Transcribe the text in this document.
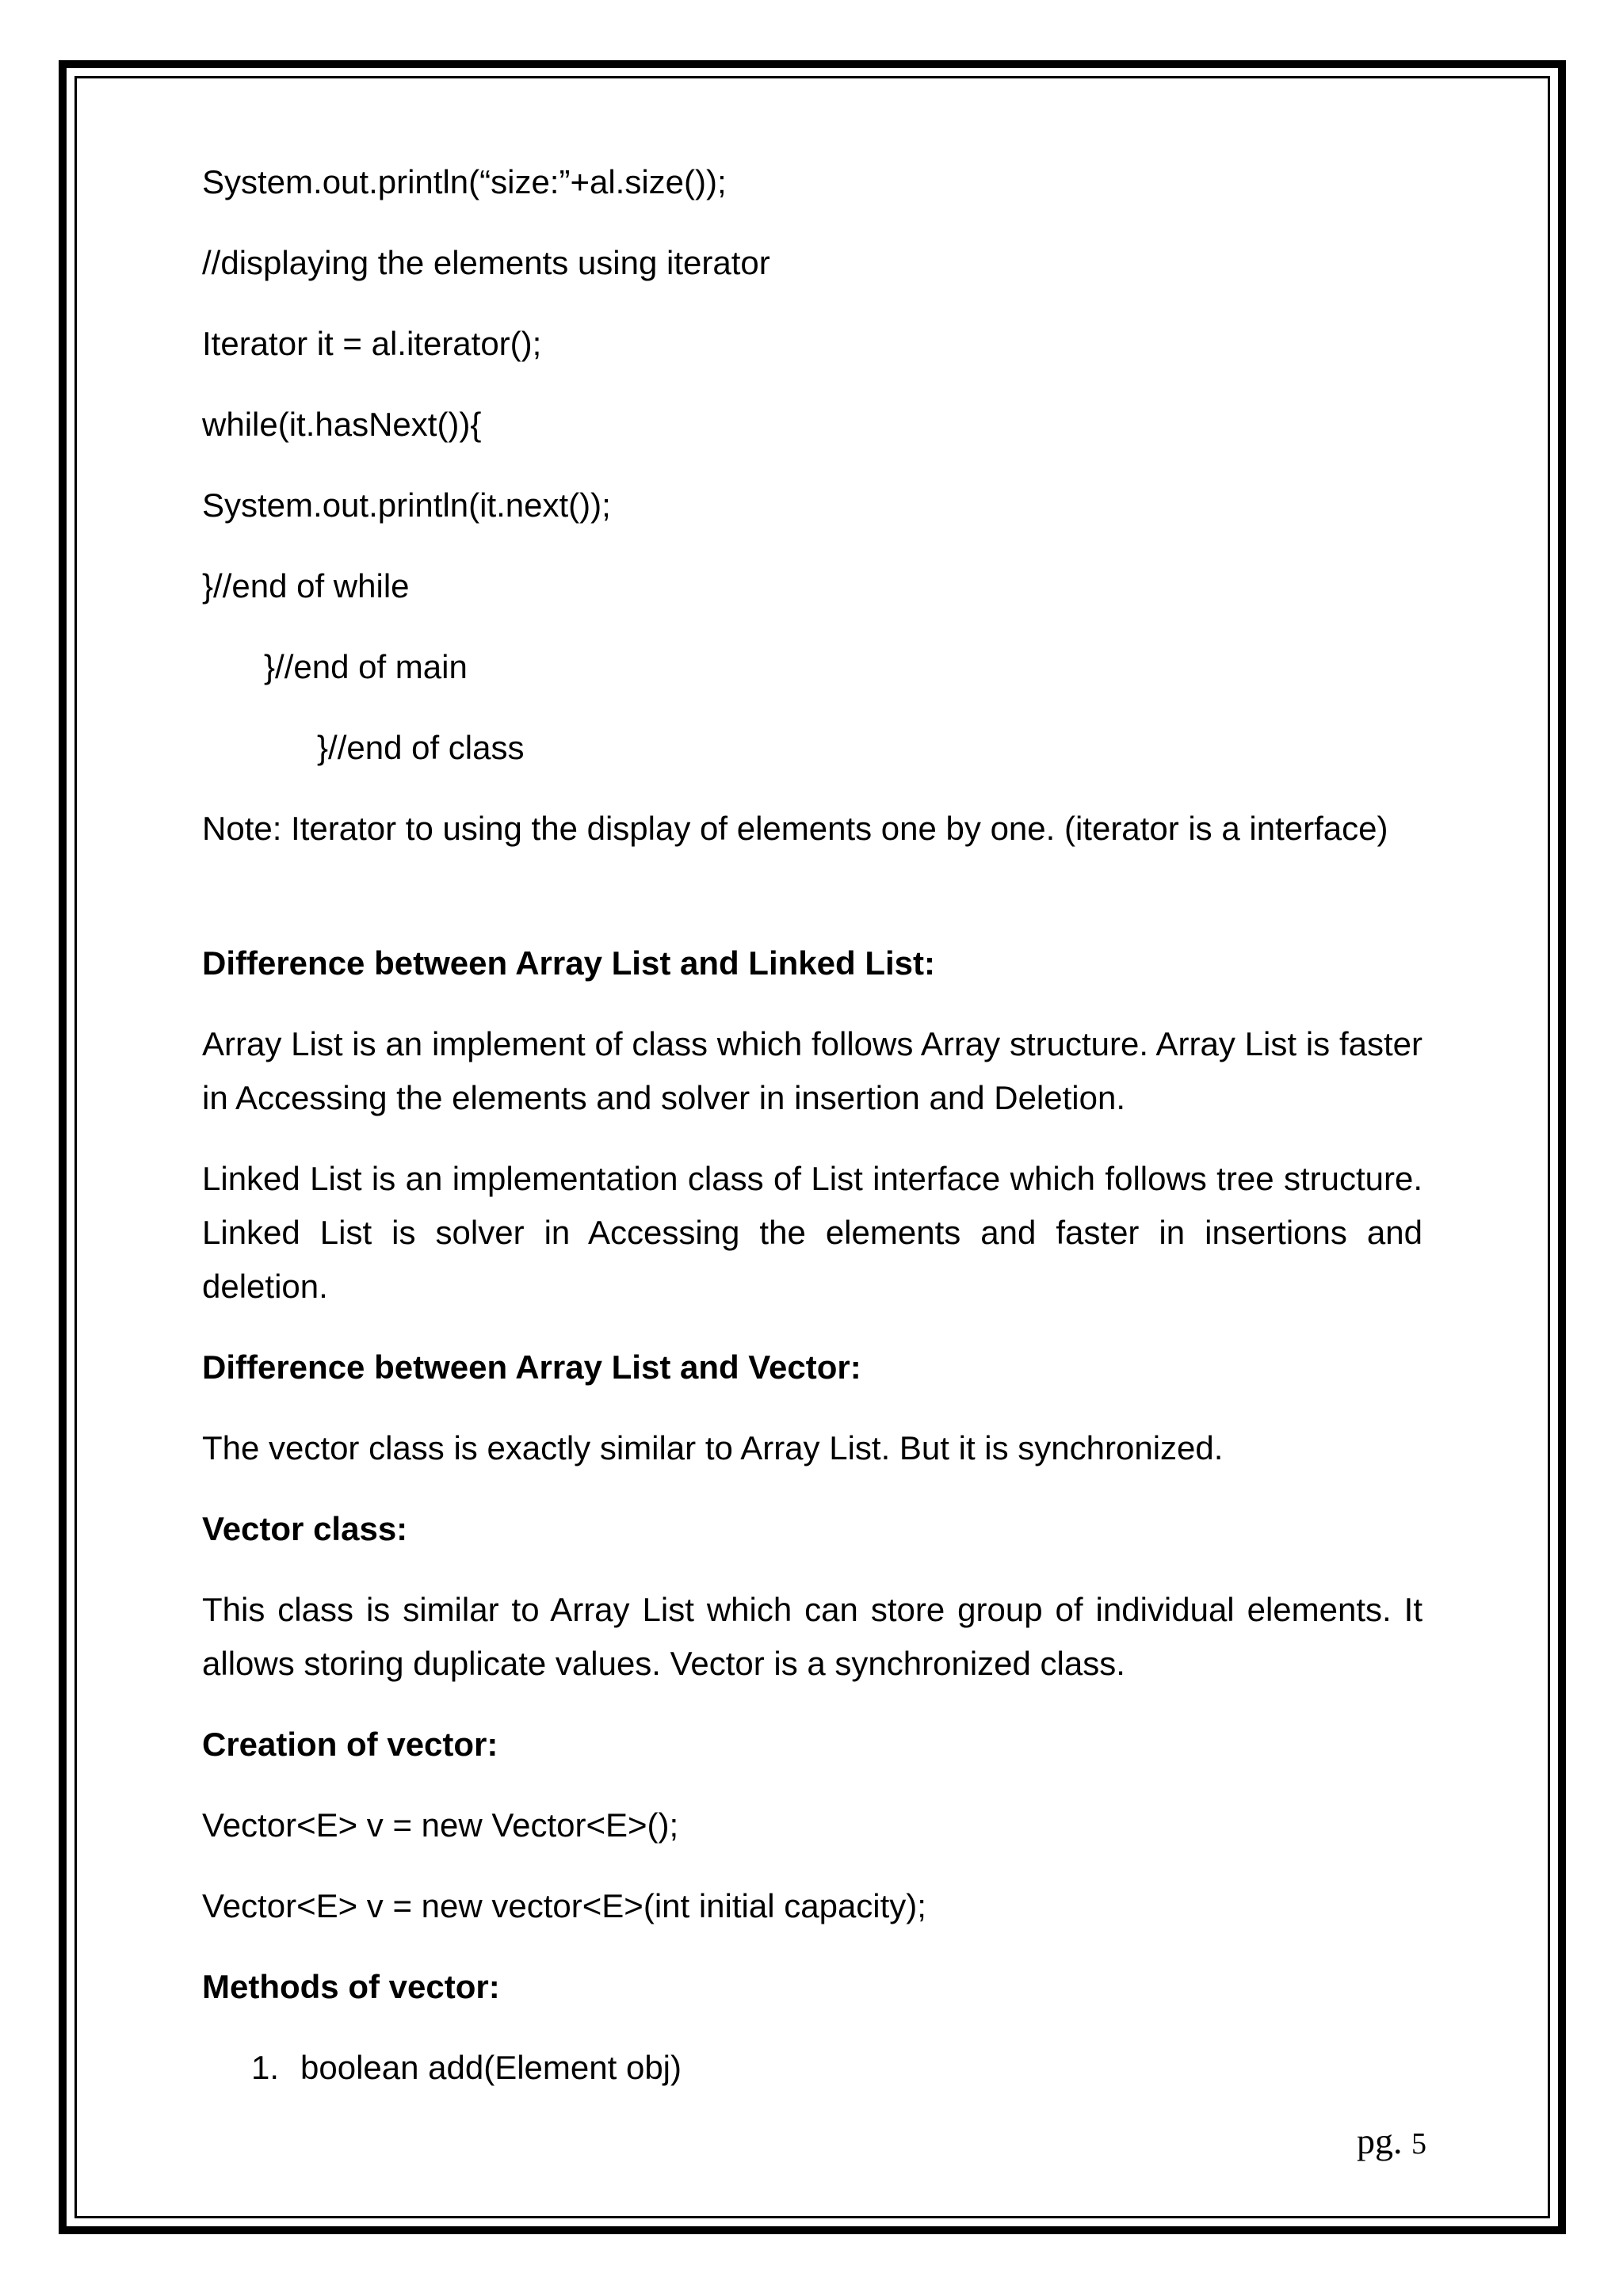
System.out.println(“size:”+al.size());
//displaying the elements using iterator
Iterator it = al.iterator();
while(it.hasNext()){
System.out.println(it.next());
}//end of while
}//end of main
}//end of class
Note: Iterator to using the display of elements one by one. (iterator is a interface)
Difference between Array List and Linked List:
Array List is an implement of class which follows Array structure. Array List is faster in Accessing the elements and solver in insertion and Deletion.
Linked List is an implementation class of List interface which follows tree structure. Linked List is solver in Accessing the elements and faster in insertions and deletion.
Difference between Array List and Vector:
The vector class is exactly similar to Array List. But it is synchronized.
Vector class:
This class is similar to Array List which can store group of individual elements. It allows storing duplicate values. Vector is a synchronized class.
Creation of vector:
Vector<E> v = new Vector<E>();
Vector<E> v = new vector<E>(int initial capacity);
Methods of vector:
1. boolean add(Element obj)
pg. 5
